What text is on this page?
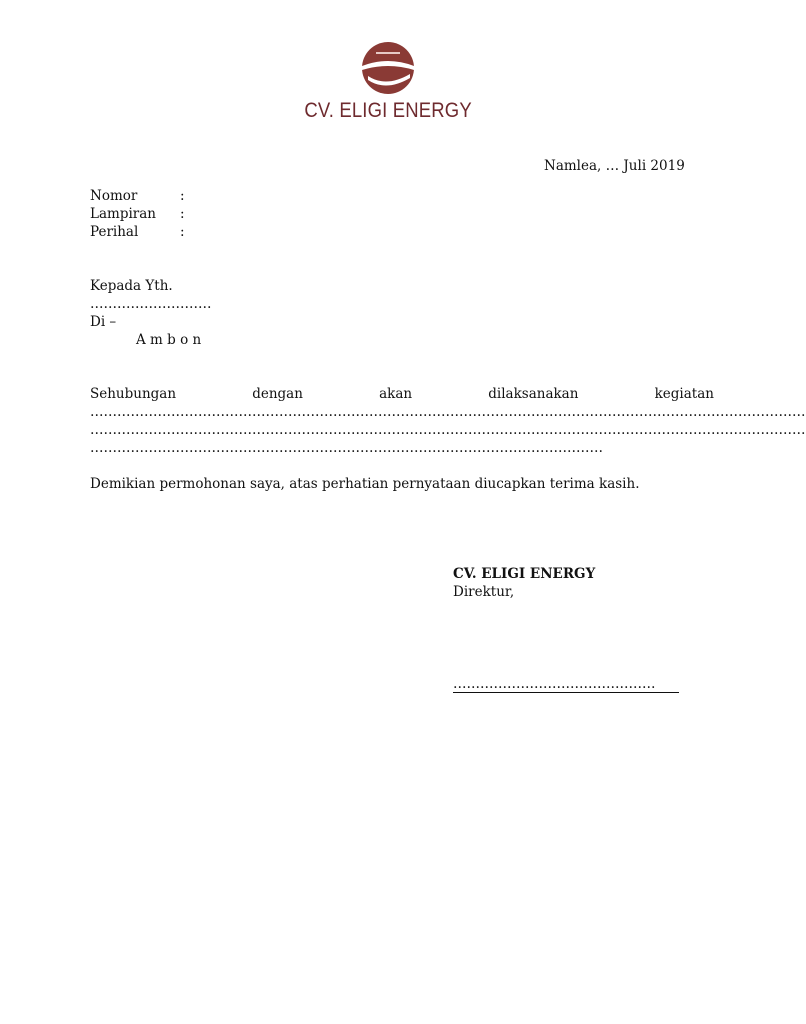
CV. ELIGI ENERGY
Namlea, … Juli 2019
Nomor	:
Lampiran :
Perihal	:
Kepada Yth.
………………………
Di –
A m b o n
Sehubungan	dengan	akan	dilaksanakan	kegiatan
……………………………………………………………………………………………………………………………………………
……………………………………………………………………………………………………………………………………………
……………………………………………………………………………………………………
Demikian permohonan saya, atas perhatian pernyataan diucapkan terima kasih.
CV. ELIGI ENERGY
Direktur,
………………………………………
